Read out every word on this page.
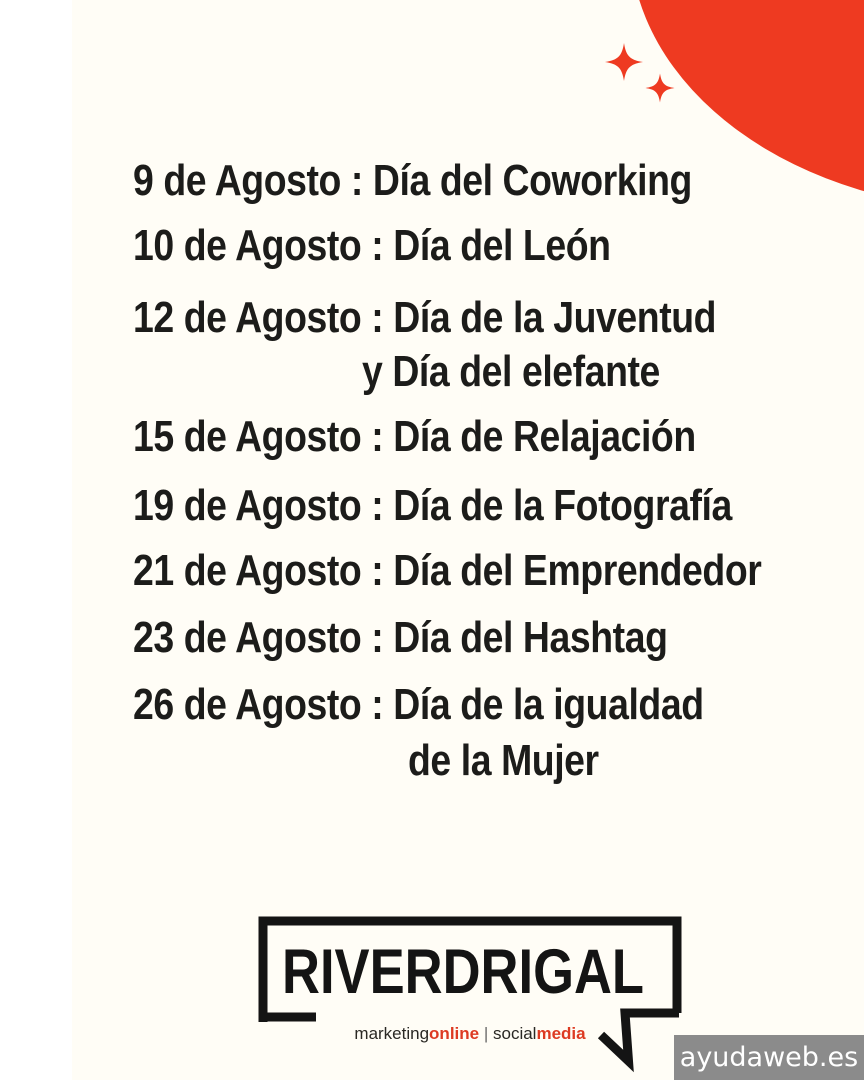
9 de Agosto : Día del Coworking
10 de Agosto : Día del León
12 de Agosto : Día de la Juventud
y Día del elefante
15 de Agosto : Día de Relajación
19 de Agosto : Día de la Fotografía
21 de Agosto : Día del Emprendedor
23 de Agosto : Día del Hashtag
26 de Agosto : Día de la igualdad
de la Mujer
RIVERDRIGAL
marketingonline | socialmedia
ayudaweb.es
